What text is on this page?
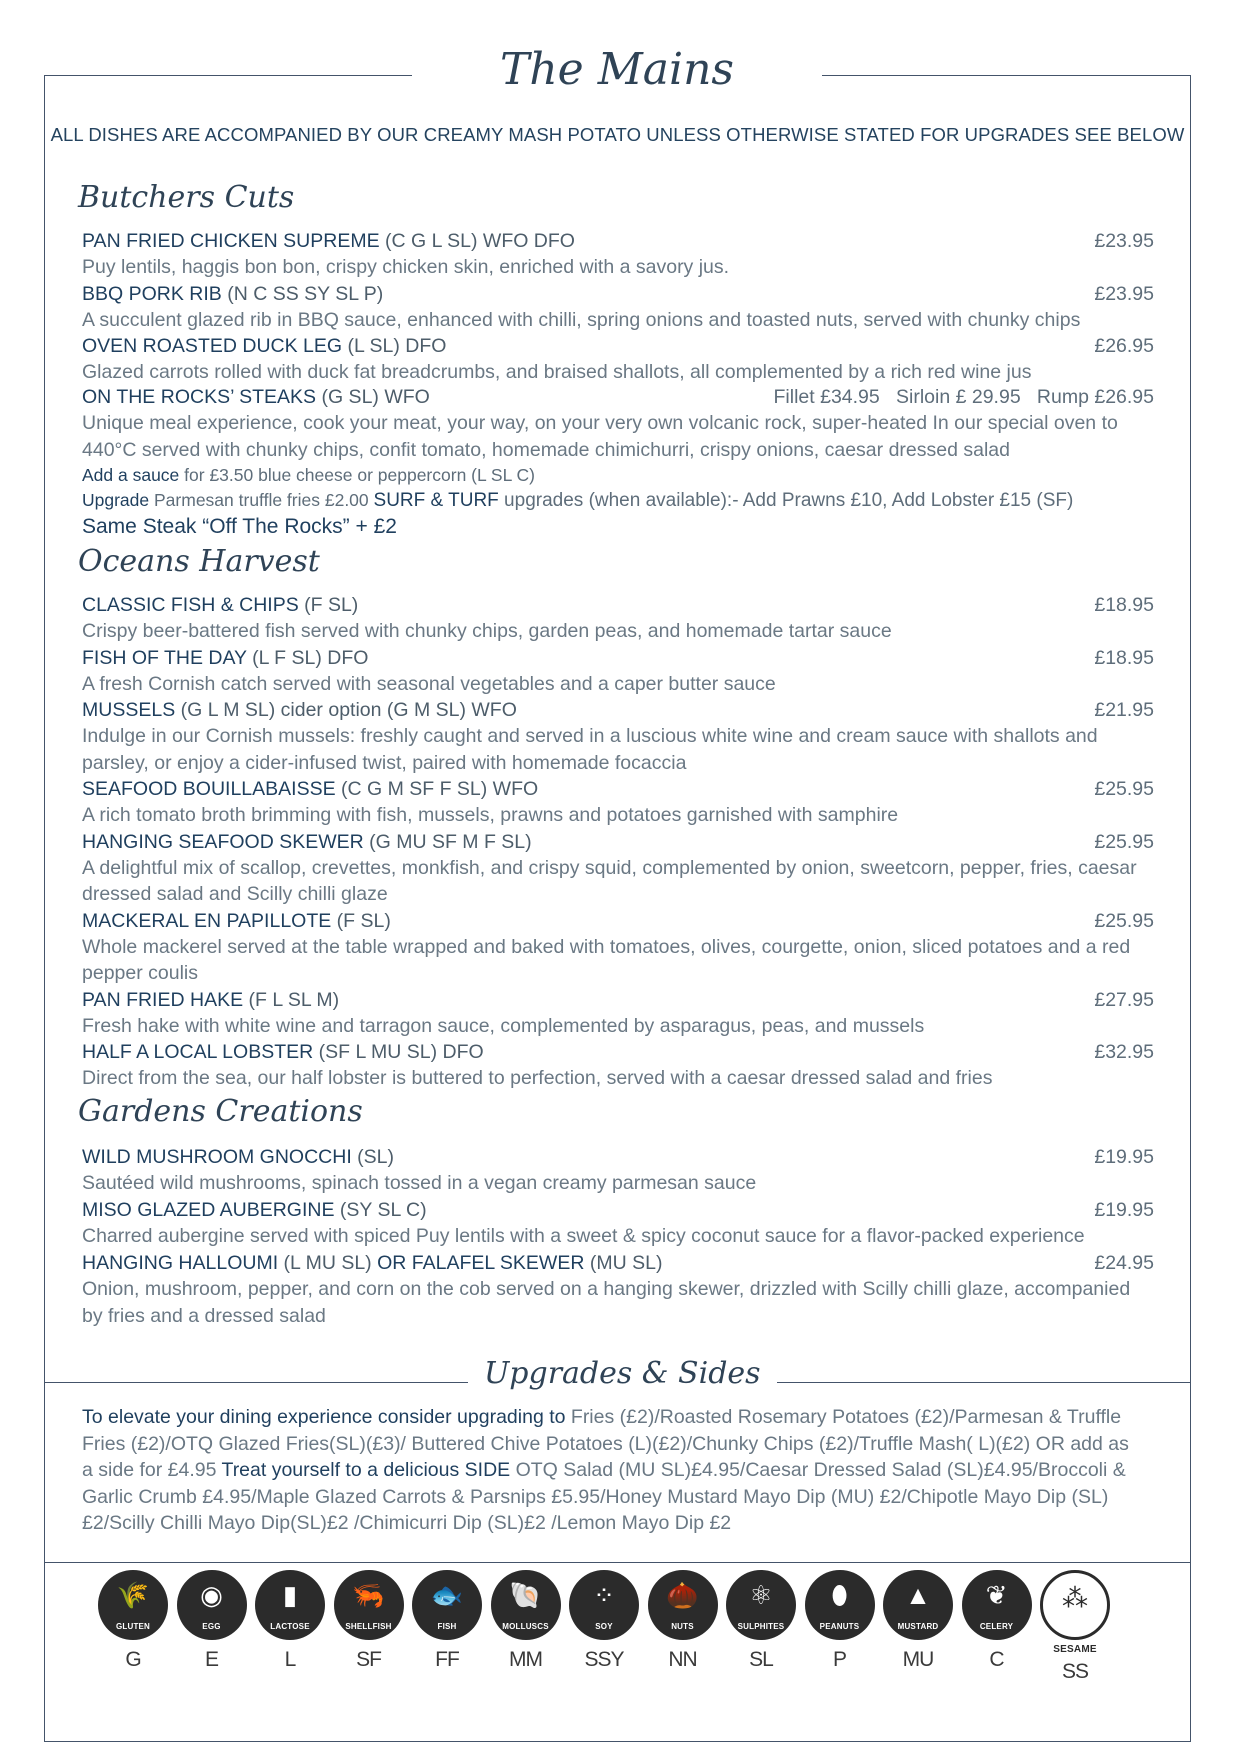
The Mains
ALL DISHES ARE ACCOMPANIED BY OUR CREAMY MASH POTATO UNLESS OTHERWISE STATED FOR UPGRADES SEE BELOW
Butchers Cuts
PAN FRIED CHICKEN SUPREME (C G L SL) WFO DFO	£23.95
Puy lentils, haggis bon bon, crispy chicken skin, enriched with a savory jus.
BBQ PORK RIB (N C SS SY SL P)	£23.95
A succulent glazed rib in BBQ sauce, enhanced with chilli, spring onions and toasted nuts, served with chunky chips
OVEN ROASTED DUCK LEG (L SL) DFO	£26.95
Glazed carrots rolled with duck fat breadcrumbs, and braised shallots, all complemented by a rich red wine jus
ON THE ROCKS’ STEAKS (G SL) WFO	Fillet £34.95   Sirloin £ 29.95   Rump £26.95
Unique meal experience, cook your meat, your way, on your very own volcanic rock, super-heated In our special oven to 440°C served with chunky chips, confit tomato, homemade chimichurri, crispy onions, caesar dressed salad
Add a sauce for £3.50 blue cheese or peppercorn (L SL C)
Upgrade Parmesan truffle fries £2.00 SURF & TURF upgrades (when available):- Add Prawns £10, Add Lobster £15 (SF)
Same Steak “Off The Rocks” + £2
Oceans Harvest
CLASSIC FISH & CHIPS (F SL)	£18.95
Crispy beer-battered fish served with chunky chips, garden peas, and homemade tartar sauce
FISH OF THE DAY (L F SL) DFO	£18.95
A fresh Cornish catch served with seasonal vegetables and a caper butter sauce
MUSSELS (G L M SL) cider option (G M SL) WFO	£21.95
Indulge in our Cornish mussels: freshly caught and served in a luscious white wine and cream sauce with shallots and parsley, or enjoy a cider-infused twist, paired with homemade focaccia
SEAFOOD BOUILLABAISSE (C G M SF F SL) WFO	£25.95
A rich tomato broth brimming with fish, mussels, prawns and potatoes garnished with samphire
HANGING SEAFOOD SKEWER (G MU SF M F SL)	£25.95
A delightful mix of scallop, crevettes, monkfish, and crispy squid, complemented by onion, sweetcorn, pepper, fries, caesar dressed salad and Scilly chilli glaze
MACKERAL EN PAPILLOTE (F SL)	£25.95
Whole mackerel served at the table wrapped and baked with tomatoes, olives, courgette, onion, sliced potatoes and a red pepper coulis
PAN FRIED HAKE (F L SL M)	£27.95
Fresh hake with white wine and tarragon sauce, complemented by asparagus, peas, and mussels
HALF A LOCAL LOBSTER (SF L MU SL) DFO	£32.95
Direct from the sea, our half lobster is buttered to perfection, served with a caesar dressed salad and fries
Gardens Creations
WILD MUSHROOM GNOCCHI (SL)	£19.95
Sautéed wild mushrooms, spinach tossed in a vegan creamy parmesan sauce
MISO GLAZED AUBERGINE (SY SL C)	£19.95
Charred aubergine served with spiced Puy lentils with a sweet & spicy coconut sauce for a flavor-packed experience
HANGING HALLOUMI (L MU SL) OR FALAFEL SKEWER (MU SL)	£24.95
Onion, mushroom, pepper, and corn on the cob served on a hanging skewer, drizzled with Scilly chilli glaze, accompanied by fries and a dressed salad
Upgrades & Sides
To elevate your dining experience consider upgrading to Fries (£2)/Roasted Rosemary Potatoes (£2)/Parmesan & Truffle Fries (£2)/OTQ Glazed Fries(SL)(£3)/ Buttered Chive Potatoes (L)(£2)/Chunky Chips (£2)/Truffle Mash( L)(£2) OR add as a side for £4.95 Treat yourself to a delicious SIDE OTQ Salad (MU SL)£4.95/Caesar Dressed Salad (SL)£4.95/Broccoli & Garlic Crumb £4.95/Maple Glazed Carrots & Parsnips £5.95/Honey Mustard Mayo Dip (MU) £2/Chipotle Mayo Dip (SL)£2/Scilly Chilli Mayo Dip(SL)£2 /Chimicurri Dip (SL)£2 /Lemon Mayo Dip £2
🌾
GLUTEN
G
◉
EGG
E
▮
LACTOSE
L
🦐
SHELLFISH
SF
🐟
FISH
FF
🐚
MOLLUSCS
MM
⁘
SOY
SSY
🌰
NUTS
NN
⚛
SULPHITES
SL
⬮
PEANUTS
P
▲
MUSTARD
MU
❦
CELERY
C
⁂
SESAME
SS
